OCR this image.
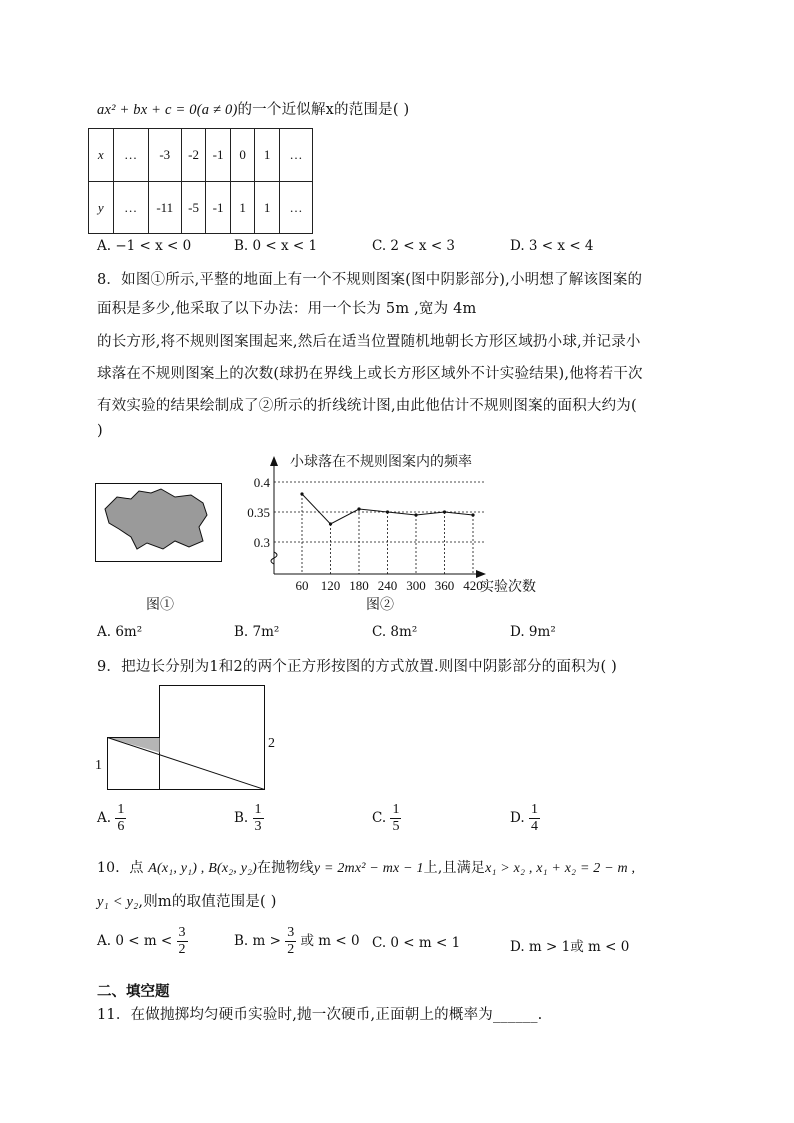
ax² + bx + c = 0(a ≠ 0)的一个近似解x的范围是( )
x	…	-3	-2	-1	0	1	…
y	…	-11	-5	-1	1	1	…
A. −1 < x < 0	B. 0 < x < 1	C. 2 < x < 3	D. 3 < x < 4
8．如图①所示,平整的地面上有一个不规则图案(图中阴影部分),小明想了解该图案的
面积是多少,他采取了以下办法：用一个长为 5m ,宽为 4m
的长方形,将不规则图案围起来,然后在适当位置随机地朝长方形区域扔小球,并记录小
球落在不规则图案上的次数(球扔在界线上或长方形区域外不计实验结果),他将若干次
有效实验的结果绘制成了②所示的折线统计图,由此他估计不规则图案的面积大约为(
)
图①
小球落在不规则图案内的频率
0.3
0.35
0.4
60 120 180 240 300 360 420
实验次数
图②
A. 6m²	B. 7m²	C. 8m²	D. 9m²
9．把边长分别为1和2的两个正方形按图的方式放置.则图中阴影部分的面积为( )
1
2
A. $\frac{1}{6}$	B. $\frac{1}{3}$	C. $\frac{1}{5}$	D. $\frac{1}{4}$
10．点 A(x₁, y₁) , B(x₂, y₂)在抛物线y = 2mx² − mx − 1上,且满足x₁ > x₂ , x₁ + x₂ = 2 − m ,
y₁ < y₂,则m的取值范围是( )
A. $0 < m < \frac{3}{2}$	B. $m > \frac{3}{2}$ 或 m < 0 C. 0 < m < 1	D. m > 1或 m < 0
二、填空题
11．在做抛掷均匀硬币实验时,抛一次硬币,正面朝上的概率为______.
